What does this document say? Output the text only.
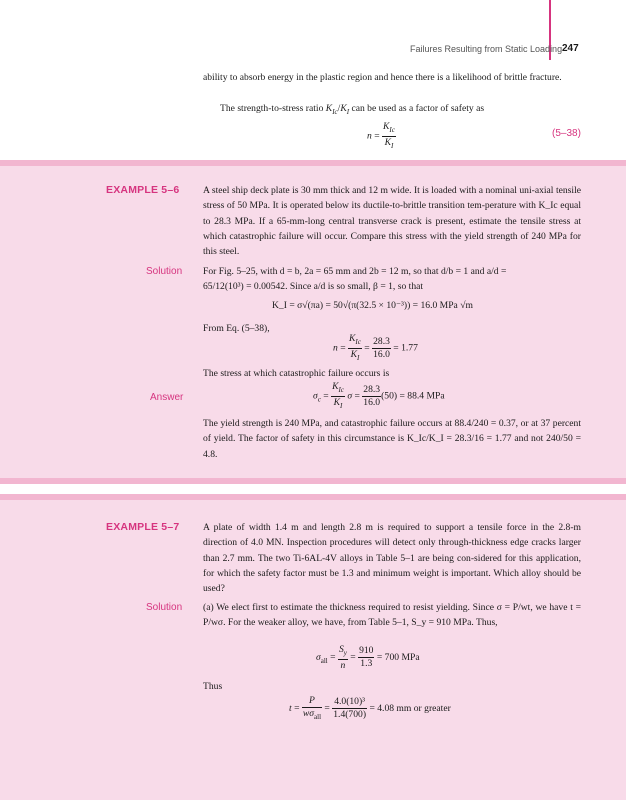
Failures Resulting from Static Loading 247
ability to absorb energy in the plastic region and hence there is a likelihood of brittle fracture.
The strength-to-stress ratio $K_{Ic}/K_I$ can be used as a factor of safety as
$n = \frac{K_{Ic}}{K_I}$	(5–38)
EXAMPLE 5–6 A steel ship deck plate is 30 mm thick and 12 m wide. It is loaded with a nominal uni-axial tensile stress of 50 MPa. It is operated below its ductile-to-brittle transition tem-perature with K_Ic equal to 28.3 MPa. If a 65-mm-long central transverse crack is present, estimate the tensile stress at which catastrophic failure will occur. Compare this stress with the yield strength of 240 MPa for this steel.
Solution For Fig. 5–25, with d = b, 2a = 65 mm and 2b = 12 m, so that d/b = 1 and a/d =
65/12(10³) = 0.00542. Since a/d is so small, β = 1, so that
K_I = σ√(πa) = 50√(π(32.5 × 10⁻³)) = 16.0 MPa √m
From Eq. (5–38),
$n = \frac{K_{Ic}}{K_I} = \frac{28.3}{16.0} = 1.77$
The stress at which catastrophic failure occurs is
Answer	$\sigma_c = \frac{K_{Ic}}{K_I}$ $\sigma = \frac{28.3}{16.0} (50) = 88.4$ MPa
The yield strength is 240 MPa, and catastrophic failure occurs at 88.4/240 = 0.37, or at 37 percent of yield. The factor of safety in this circumstance is K_Ic/K_I = 28.3/16 = 1.77 and not 240/50 = 4.8.
EXAMPLE 5–7 A plate of width 1.4 m and length 2.8 m is required to support a tensile force in the 2.8-m direction of 4.0 MN. Inspection procedures will detect only through-thickness edge cracks larger than 2.7 mm. The two Ti-6AL-4V alloys in Table 5–1 are being con-sidered for this application, for which the safety factor must be 1.3 and minimum weight is important. Which alloy should be used?
Solution (a) We elect first to estimate the thickness required to resist yielding. Since σ = P/wt, we have t = P/wσ. For the weaker alloy, we have, from Table 5–1, S_y = 910 MPa. Thus,
$\sigma_{all} = \frac{S_y}{n} = \frac{910}{1.3} = 700$ MPa
Thus
$t = \frac{P}{w\sigma_{all}} = \frac{\text{4.0(10)³}}{1.4(700)} = 4.08$ mm or greater
